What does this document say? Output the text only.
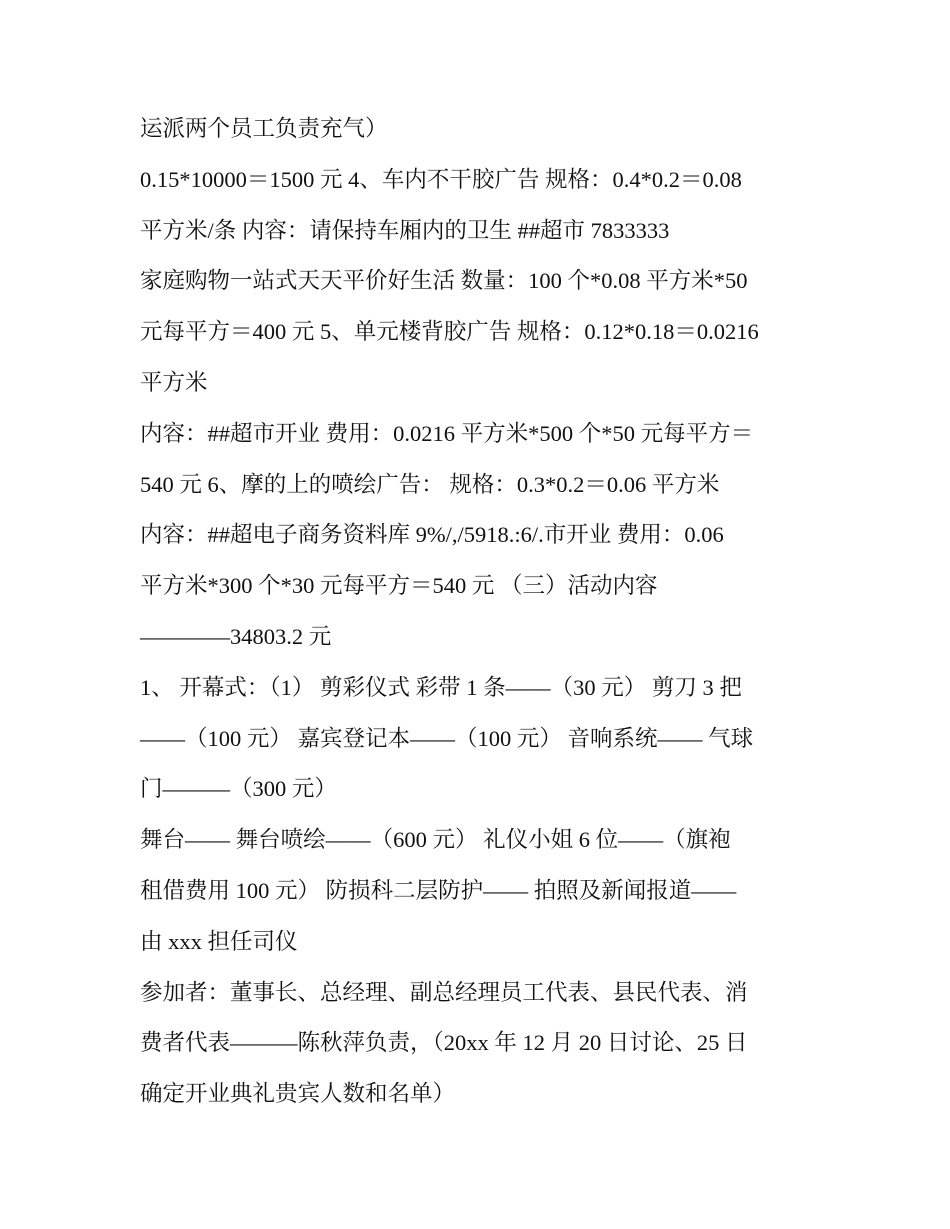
运派两个员工负责充气）
0.15*10000＝1500 元 4、车内不干胶广告 规格：0.4*0.2＝0.08
平方米/条 内容：请保持车厢内的卫生 ##超市 7833333
家庭购物一站式天天平价好生活 数量：100 个*0.08 平方米*50
元每平方＝400 元 5、单元楼背胶广告 规格：0.12*0.18＝0.0216
平方米
内容：##超市开业 费用：0.0216 平方米*500 个*50 元每平方＝
540 元 6、摩的上的喷绘广告： 规格：0.3*0.2＝0.06 平方米
内容：##超电子商务资料库 9%/,/5918.:6/.市开业 费用：0.06
平方米*300 个*30 元每平方＝540 元 （三）活动内容
————34803.2 元
1、 开幕式：（1） 剪彩仪式 彩带 1 条——（30 元） 剪刀 3 把
——（100 元） 嘉宾登记本——（100 元） 音响系统—— 气球
门———（300 元）
舞台—— 舞台喷绘——（600 元） 礼仪小姐 6 位——（旗袍
租借费用 100 元） 防损科二层防护—— 拍照及新闻报道——
由 xxx 担任司仪
参加者：董事长、总经理、副总经理员工代表、县民代表、消
费者代表———陈秋萍负责，（20xx 年 12 月 20 日讨论、25 日
确定开业典礼贵宾人数和名单）
